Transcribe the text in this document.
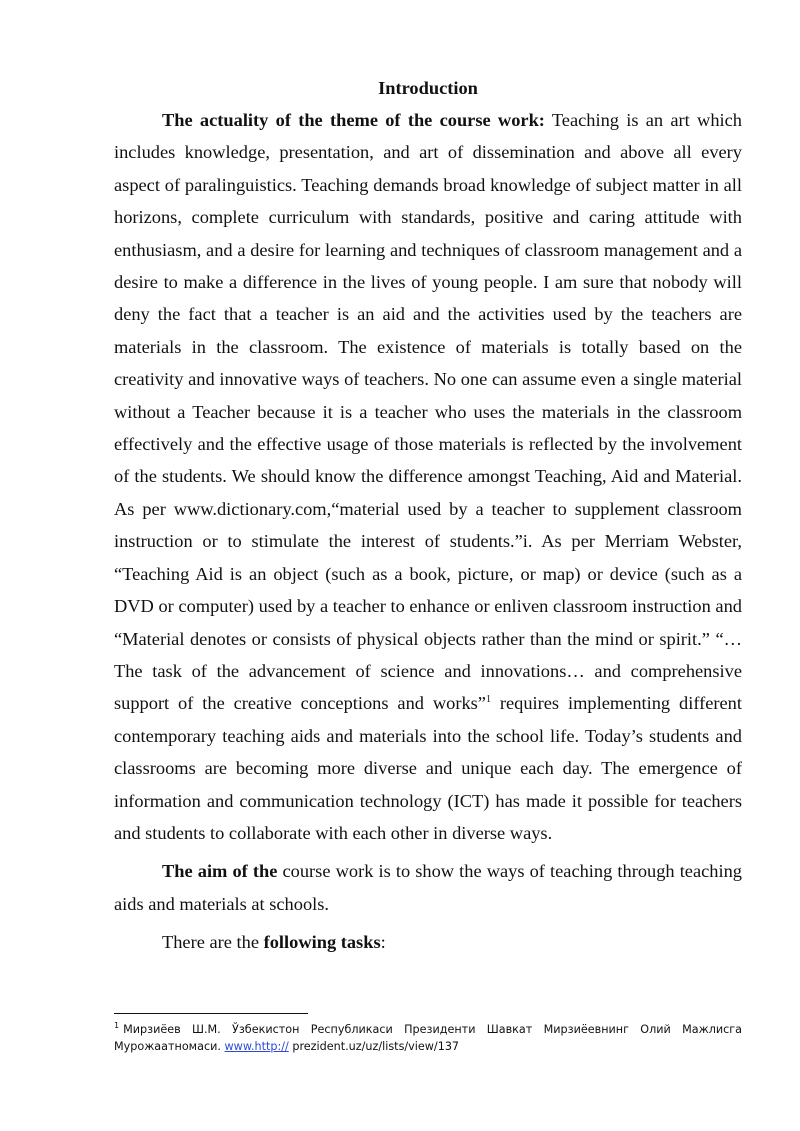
Introduction

The actuality of the theme of the course work: Teaching is an art which includes knowledge, presentation, and art of dissemination and above all every aspect of paralinguistics. Teaching demands broad knowledge of subject matter in all horizons, complete curriculum with standards, positive and caring attitude with enthusiasm, and a desire for learning and techniques of classroom management and a desire to make a difference in the lives of young people. I am sure that nobody will deny the fact that a teacher is an aid and the activities used by the teachers are materials in the classroom. The existence of materials is totally based on the creativity and innovative ways of teachers. No one can assume even a single material without a Teacher because it is a teacher who uses the materials in the classroom effectively and the effective usage of those materials is reflected by the involvement of the students. We should know the difference amongst Teaching, Aid and Material. As per www.dictionary.com,“material used by a teacher to supplement classroom instruction or to stimulate the interest of students.”i. As per Merriam Webster, “Teaching Aid is an object (such as a book, picture, or map) or device (such as a DVD or computer) used by a teacher to enhance or enliven classroom instruction and “Material denotes or consists of physical objects rather than the mind or spirit.” “…The task of the advancement of science and innovations… and comprehensive support of the creative conceptions and works”$^1$ requires implementing different contemporary teaching aids and materials into the school life. Today’s students and classrooms are becoming more diverse and unique each day. The emergence of information and communication technology (ICT) has made it possible for teachers and students to collaborate with each other in diverse ways.

The aim of the course work is to show the ways of teaching through teaching aids and materials at schools.

There are the following tasks:

$^1$ Мирзиёев Ш.М. Ўзбекистон Республикаси Президенти Шавкат Мирзиёевнинг Олий Мажлисга Мурожаатномаси. www.http:// prezident.uz/uz/lists/view/137
